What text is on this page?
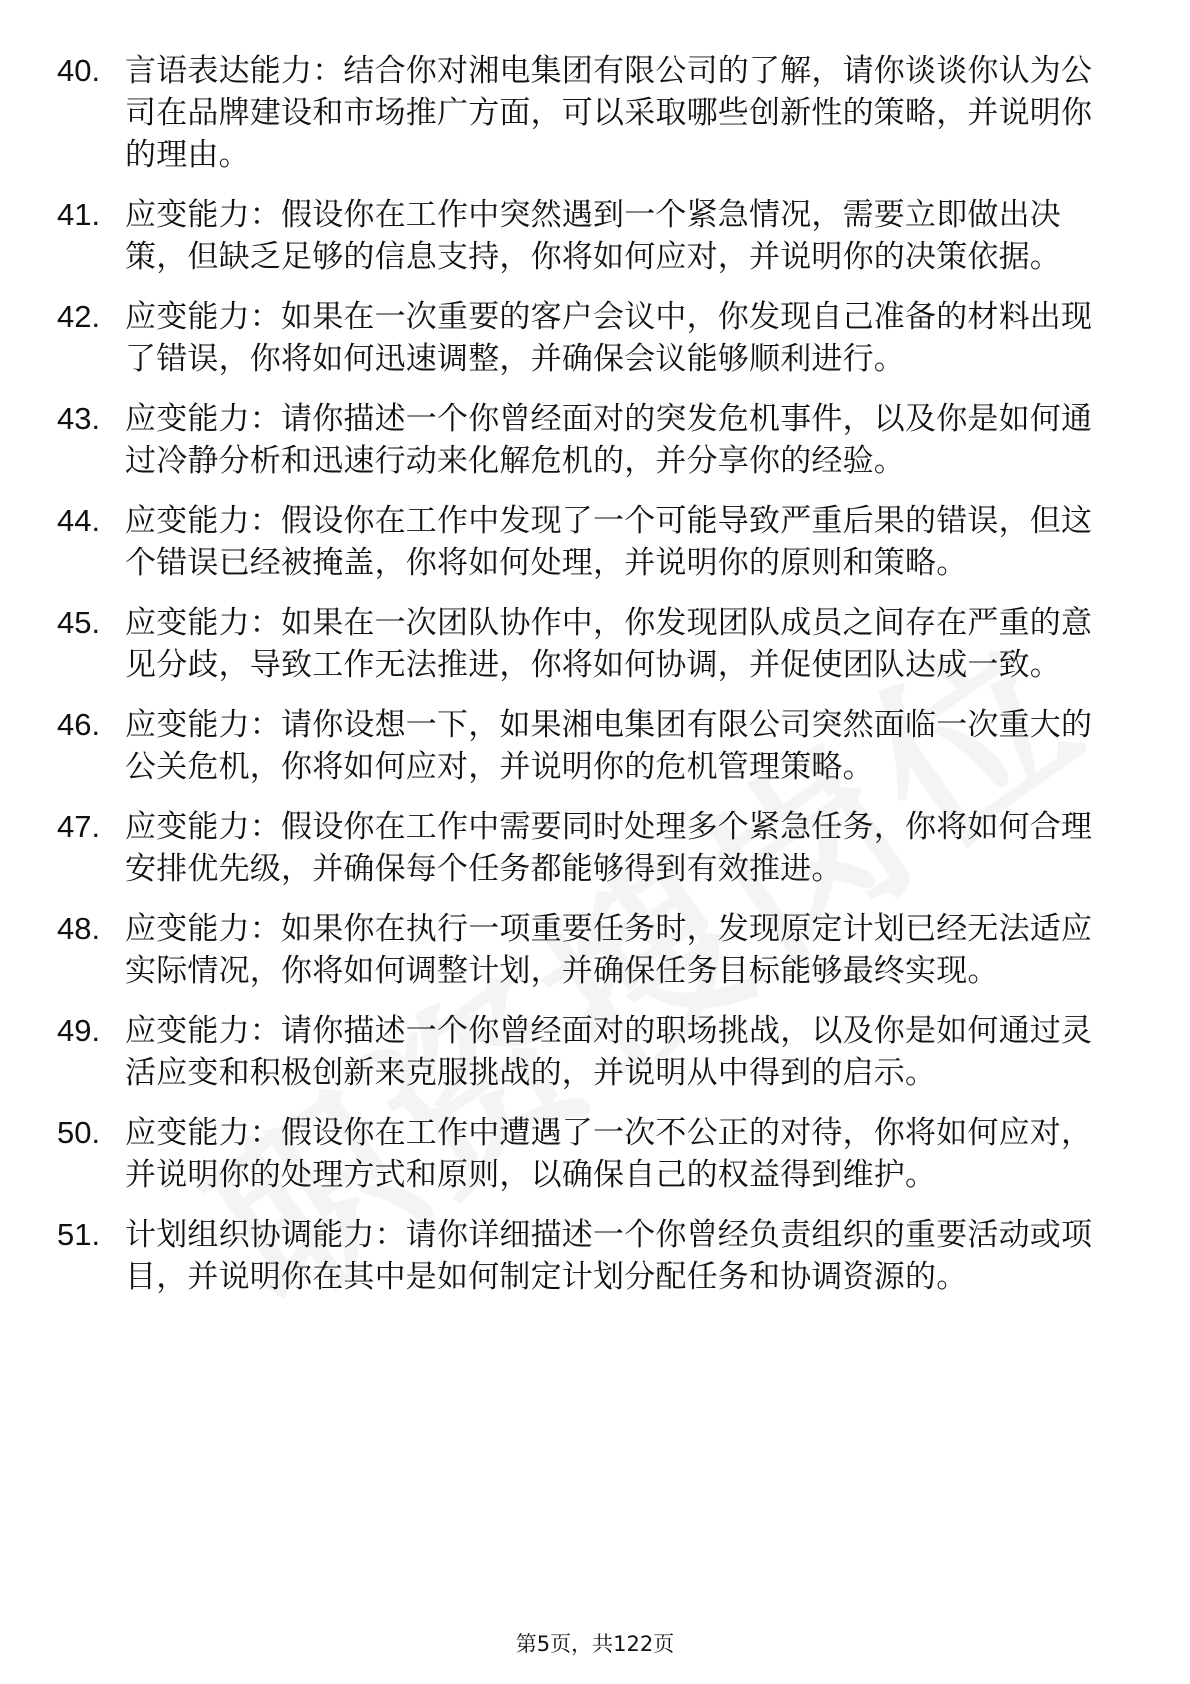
40. 言语表达能力：结合你对湘电集团有限公司的了解，请你谈谈你认为公司在品牌建设和市场推广方面，可以采取哪些创新性的策略，并说明你的理由。
41. 应变能力：假设你在工作中突然遇到一个紧急情况，需要立即做出决策，但缺乏足够的信息支持，你将如何应对，并说明你的决策依据。
42. 应变能力：如果在一次重要的客户会议中，你发现自己准备的材料出现了错误，你将如何迅速调整，并确保会议能够顺利进行。
43. 应变能力：请你描述一个你曾经面对的突发危机事件，以及你是如何通过冷静分析和迅速行动来化解危机的，并分享你的经验。
44. 应变能力：假设你在工作中发现了一个可能导致严重后果的错误，但这个错误已经被掩盖，你将如何处理，并说明你的原则和策略。
45. 应变能力：如果在一次团队协作中，你发现团队成员之间存在严重的意见分歧，导致工作无法推进，你将如何协调，并促使团队达成一致。
46. 应变能力：请你设想一下，如果湘电集团有限公司突然面临一次重大的公关危机，你将如何应对，并说明你的危机管理策略。
47. 应变能力：假设你在工作中需要同时处理多个紧急任务，你将如何合理安排优先级，并确保每个任务都能够得到有效推进。
48. 应变能力：如果你在执行一项重要任务时，发现原定计划已经无法适应实际情况，你将如何调整计划，并确保任务目标能够最终实现。
49. 应变能力：请你描述一个你曾经面对的职场挑战，以及你是如何通过灵活应变和积极创新来克服挑战的，并说明从中得到的启示。
50. 应变能力：假设你在工作中遭遇了一次不公正的对待，你将如何应对，并说明你的处理方式和原则，以确保自己的权益得到维护。
51. 计划组织协调能力：请你详细描述一个你曾经负责组织的重要活动或项目，并说明你在其中是如何制定计划分配任务和协调资源的。
第5页，共122页
